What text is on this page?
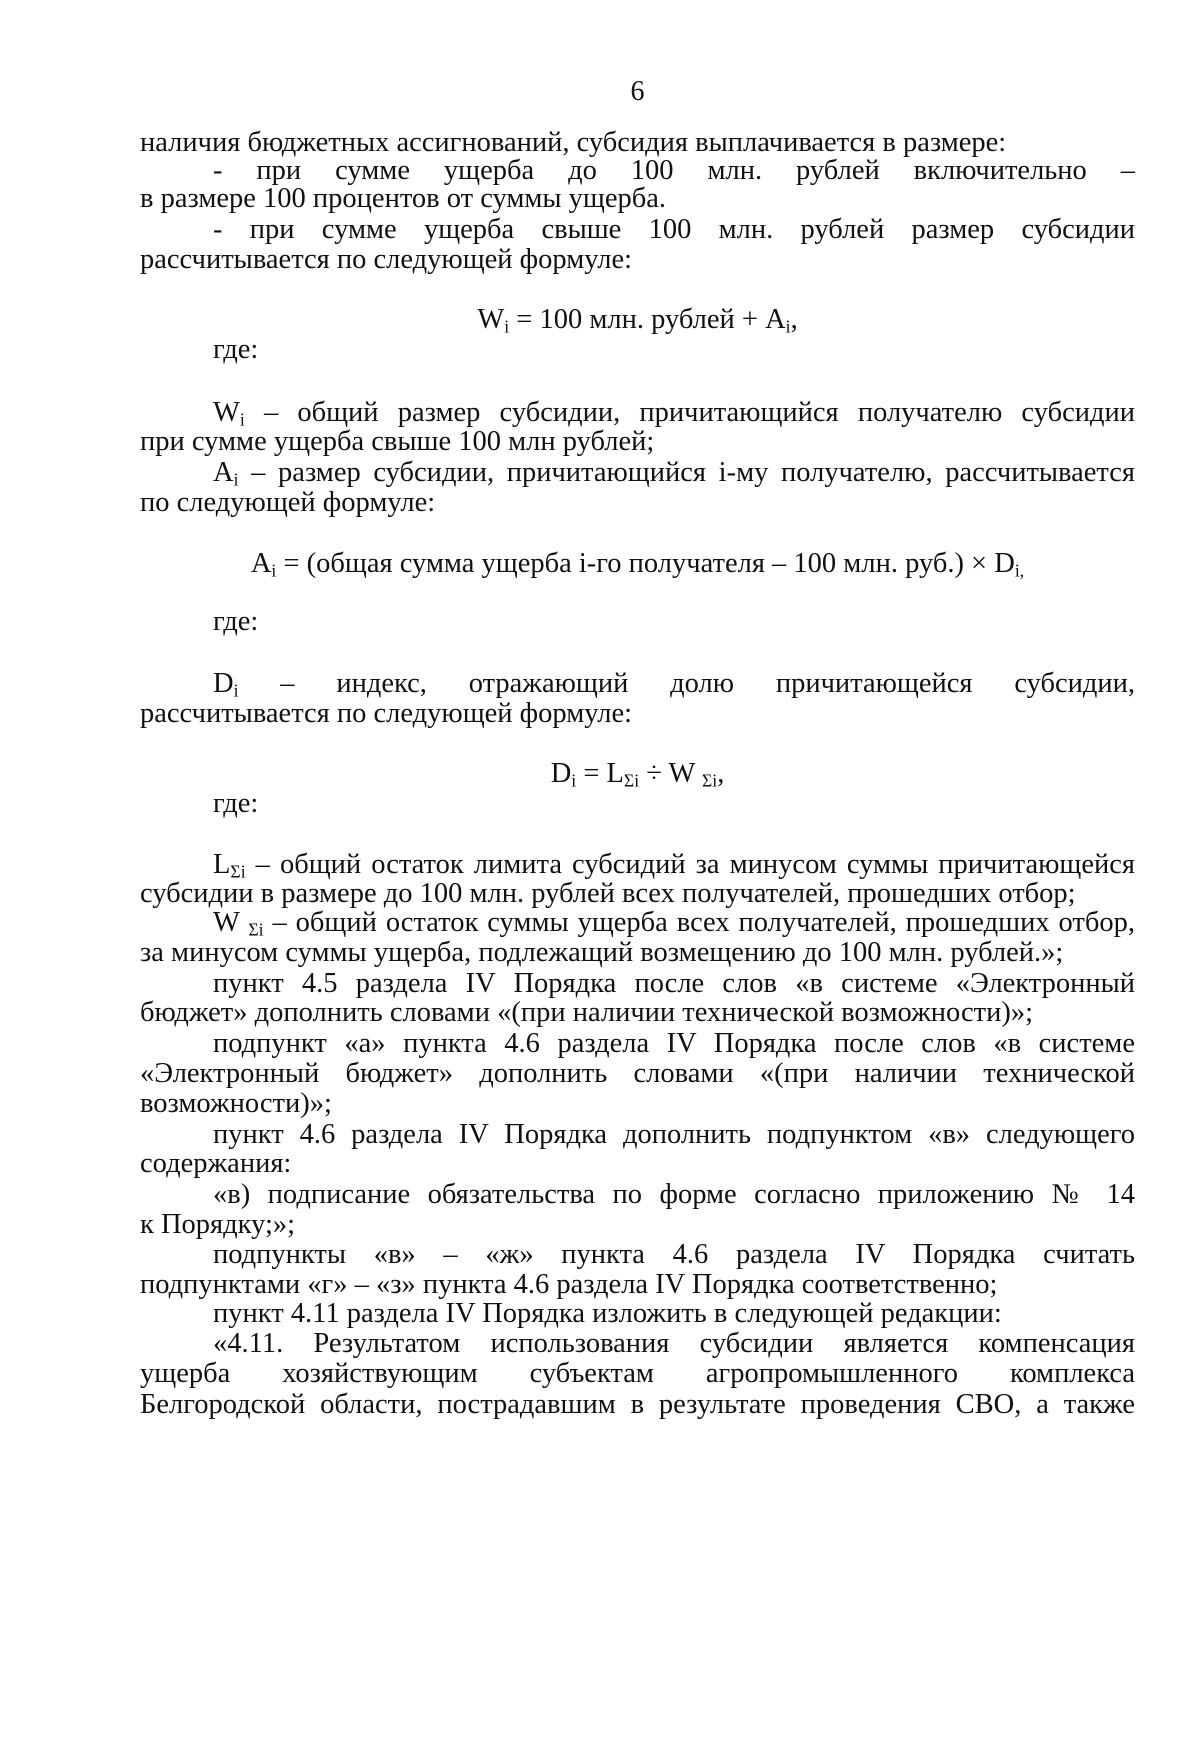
6
наличия бюджетных ассигнований, субсидия выплачивается в размере:
- при сумме ущерба до 100 млн. рублей включительно –
в размере 100 процентов от суммы ущерба.
- при сумме ущерба свыше 100 млн. рублей размер субсидии
рассчитывается по следующей формуле:
$W_i = 100$ млн. рублей + $A_i$,
где:
$W_i$ – общий размер субсидии, причитающийся получателю субсидии
при сумме ущерба свыше 100 млн рублей;
$A_i$ – размер субсидии, причитающийся i-му получателю, рассчитывается
по следующей формуле:
$A_i$ = (общая сумма ущерба i-го получателя – 100 млн. $руб.) \times D_{i,}$
где:
$D_i$ – индекс, отражающий долю причитающейся субсидии,
рассчитывается по следующей формуле:
$D_i = L_{\Sigma i} \div W$ $_{\Sigma i}$,
где:
$L_{\Sigma i}$ – общий остаток лимита субсидий за минусом суммы причитающейся
субсидии в размере до 100 млн. рублей всех получателей, прошедших отбор;
W $_{\Sigma i}$ – общий остаток суммы ущерба всех получателей, прошедших отбор,
за минусом суммы ущерба, подлежащий возмещению до 100 млн. рублей.»;
пункт 4.5 раздела IV Порядка после слов «в системе «Электронный
бюджет» дополнить словами «(при наличии технической возможности)»;
подпункт «а» пункта 4.6 раздела IV Порядка после слов «в системе
«Электронный бюджет» дополнить словами «(при наличии технической
возможности)»;
пункт 4.6 раздела IV Порядка дополнить подпунктом «в» следующего
содержания:
«в) подписание обязательства по форме согласно приложению № 14
к Порядку;»;
подпункты «в» – «ж» пункта 4.6 раздела IV Порядка считать
подпунктами «г» – «з» пункта 4.6 раздела IV Порядка соответственно;
пункт 4.11 раздела IV Порядка изложить в следующей редакции:
«4.11. Результатом использования субсидии является компенсация
ущерба хозяйствующим субъектам агропромышленного комплекса
Белгородской области, пострадавшим в результате проведения СВО, а также
